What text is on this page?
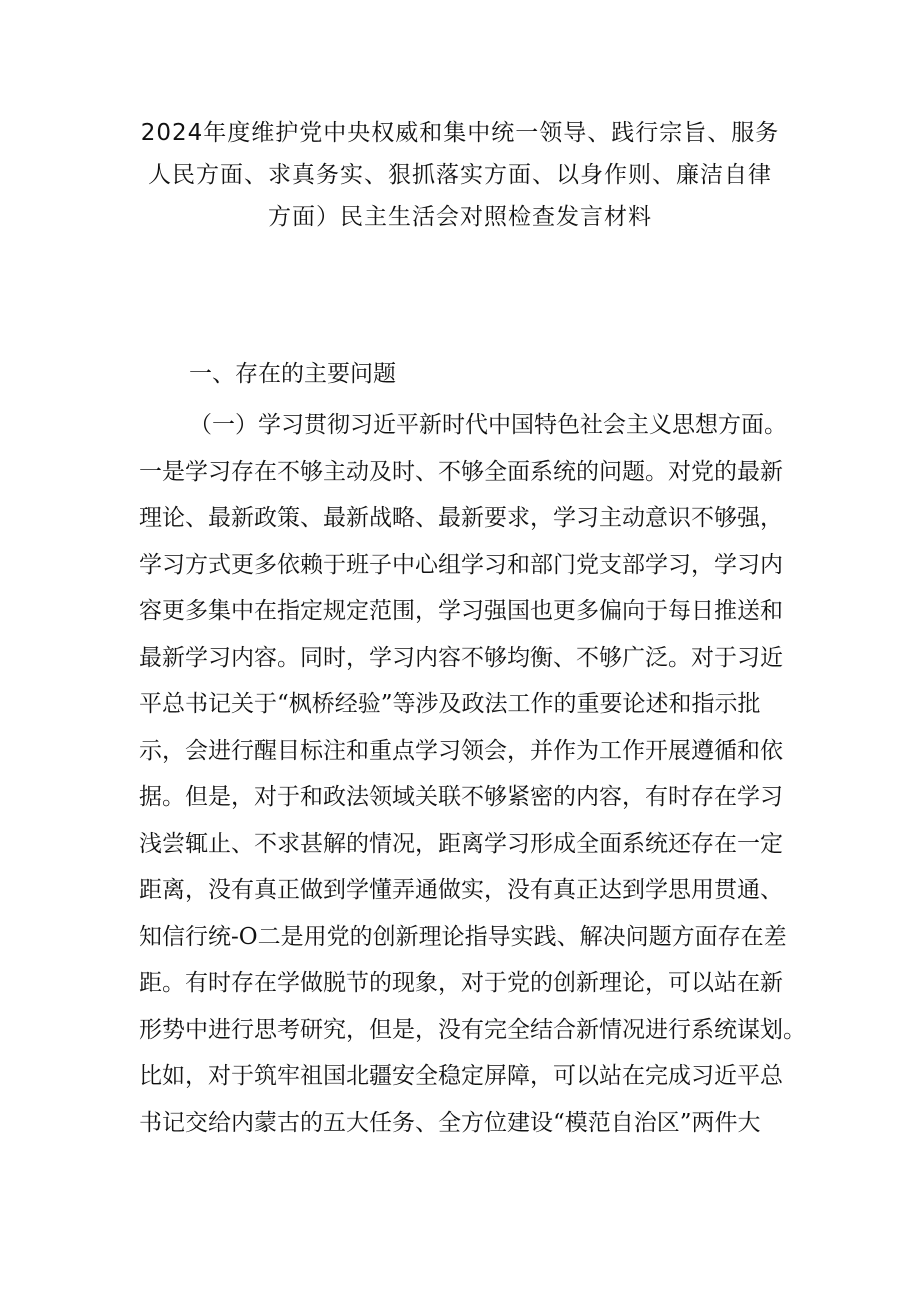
2024年度维护党中央权威和集中统一领导、践行宗旨、服务
人民方面、求真务实、狠抓落实方面、以身作则、廉洁自律
方面）民主生活会对照检查发言材料
一、存在的主要问题
（一）学习贯彻习近平新时代中国特色社会主义思想方面。
一是学习存在不够主动及时、不够全面系统的问题。对党的最新
理论、最新政策、最新战略、最新要求，学习主动意识不够强，
学习方式更多依赖于班子中心组学习和部门党支部学习，学习内
容更多集中在指定规定范围，学习强国也更多偏向于每日推送和
最新学习内容。同时，学习内容不够均衡、不够广泛。对于习近
平总书记关于“枫桥经验”等涉及政法工作的重要论述和指示批
示，会进行醒目标注和重点学习领会，并作为工作开展遵循和依
据。但是，对于和政法领域关联不够紧密的内容，有时存在学习
浅尝辄止、不求甚解的情况，距离学习形成全面系统还存在一定
距离，没有真正做到学懂弄通做实，没有真正达到学思用贯通、
知信行统-O二是用党的创新理论指导实践、解决问题方面存在差
距。有时存在学做脱节的现象，对于党的创新理论，可以站在新
形势中进行思考研究，但是，没有完全结合新情况进行系统谋划。
比如，对于筑牢祖国北疆安全稳定屏障，可以站在完成习近平总
书记交给内蒙古的五大任务、全方位建设“模范自治区”两件大
